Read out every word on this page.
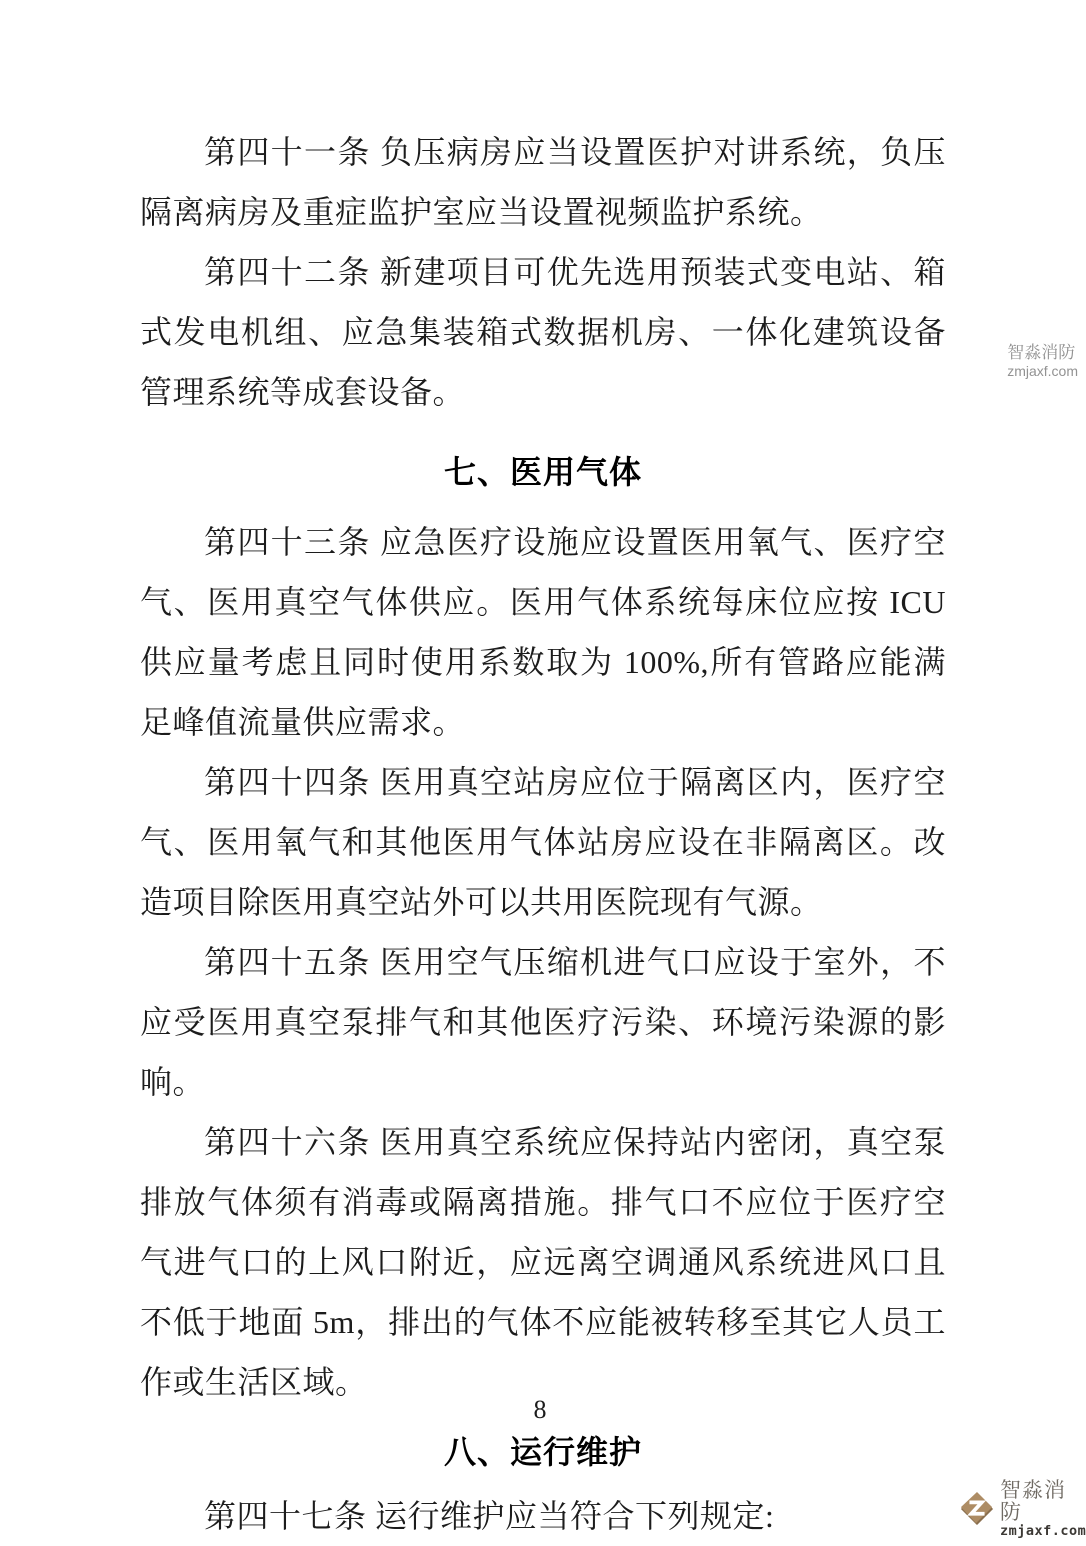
第四十一条 负压病房应当设置医护对讲系统，负压隔离病房及重症监护室应当设置视频监护系统。

第四十二条 新建项目可优先选用预装式变电站、箱式发电机组、应急集装箱式数据机房、一体化建筑设备管理系统等成套设备。

七、医用气体

第四十三条 应急医疗设施应设置医用氧气、医疗空气、医用真空气体供应。医用气体系统每床位应按 ICU 供应量考虑且同时使用系数取为 100%,所有管路应能满足峰值流量供应需求。

第四十四条 医用真空站房应位于隔离区内，医疗空气、医用氧气和其他医用气体站房应设在非隔离区。改造项目除医用真空站外可以共用医院现有气源。

第四十五条 医用空气压缩机进气口应设于室外，不应受医用真空泵排气和其他医疗污染、环境污染源的影响。

第四十六条 医用真空系统应保持站内密闭，真空泵排放气体须有消毒或隔离措施。排气口不应位于医疗空气进气口的上风口附近，应远离空调通风系统进风口且不低于地面 5m，排出的气体不应能被转移至其它人员工作或生活区域。

八、运行维护

第四十七条 运行维护应当符合下列规定:

8
智淼消防
zmjaxf.com
智淼消防
zmjaxf.com
